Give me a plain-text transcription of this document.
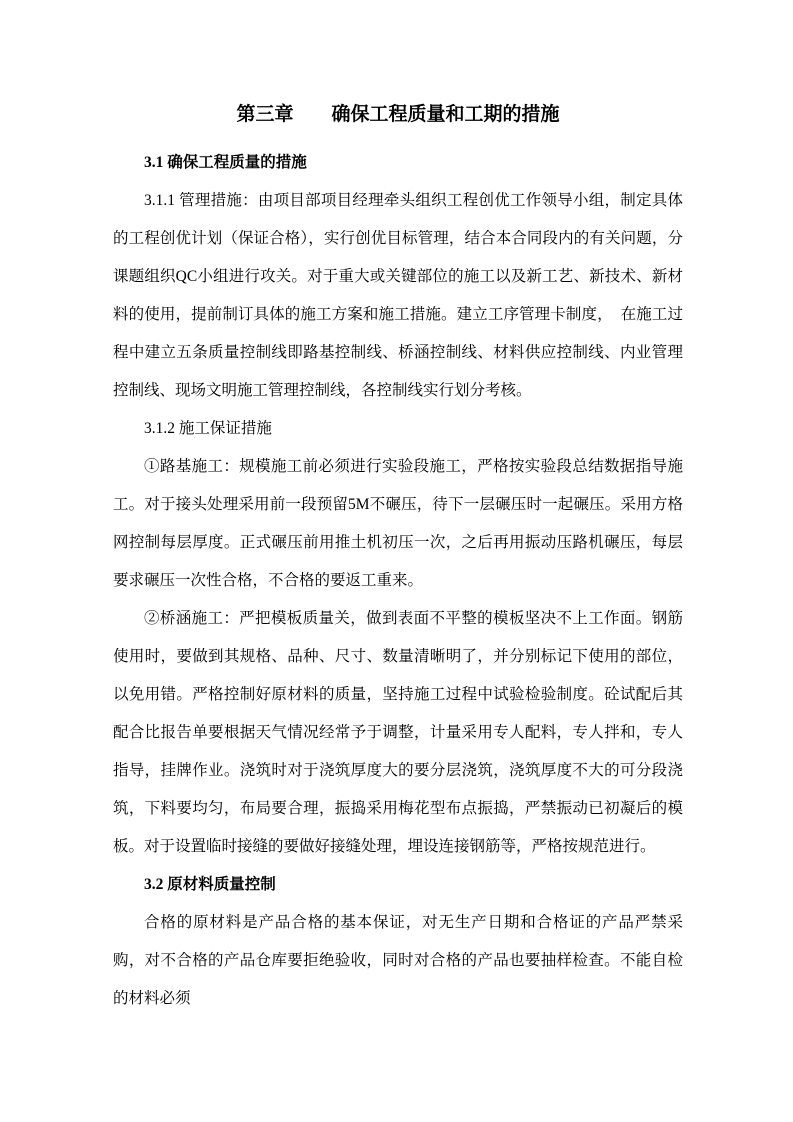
第三章　　确保工程质量和工期的措施
3.1 确保工程质量的措施

3.1.1 管理措施：由项目部项目经理牵头组织工程创优工作领导小组，制定具体的工程创优计划（保证合格），实行创优目标管理，结合本合同段内的有关问题，分课题组织QC小组进行攻关。对于重大或关键部位的施工以及新工艺、新技术、新材料的使用，提前制订具体的施工方案和施工措施。建立工序管理卡制度，　在施工过程中建立五条质量控制线即路基控制线、桥涵控制线、材料供应控制线、内业管理控制线、现场文明施工管理控制线，各控制线实行划分考核。

3.1.2 施工保证措施

①路基施工：规模施工前必须进行实验段施工，严格按实验段总结数据指导施工。对于接头处理采用前一段预留5M不碾压，待下一层碾压时一起碾压。采用方格网控制每层厚度。正式碾压前用推土机初压一次，之后再用振动压路机碾压，每层要求碾压一次性合格，不合格的要返工重来。

②桥涵施工：严把模板质量关，做到表面不平整的模板坚决不上工作面。钢筋使用时，要做到其规格、品种、尺寸、数量清晰明了，并分别标记下使用的部位，以免用错。严格控制好原材料的质量，坚持施工过程中试验检验制度。砼试配后其配合比报告单要根据天气情况经常予于调整，计量采用专人配料，专人拌和，专人指导，挂牌作业。浇筑时对于浇筑厚度大的要分层浇筑，浇筑厚度不大的可分段浇筑，下料要均匀，布局要合理，振捣采用梅花型布点振捣，严禁振动已初凝后的模板。对于设置临时接缝的要做好接缝处理，埋设连接钢筋等，严格按规范进行。

3.2 原材料质量控制

合格的原材料是产品合格的基本保证，对无生产日期和合格证的产品严禁采购，对不合格的产品仓库要拒绝验收，同时对合格的产品也要抽样检查。不能自检的材料必须
